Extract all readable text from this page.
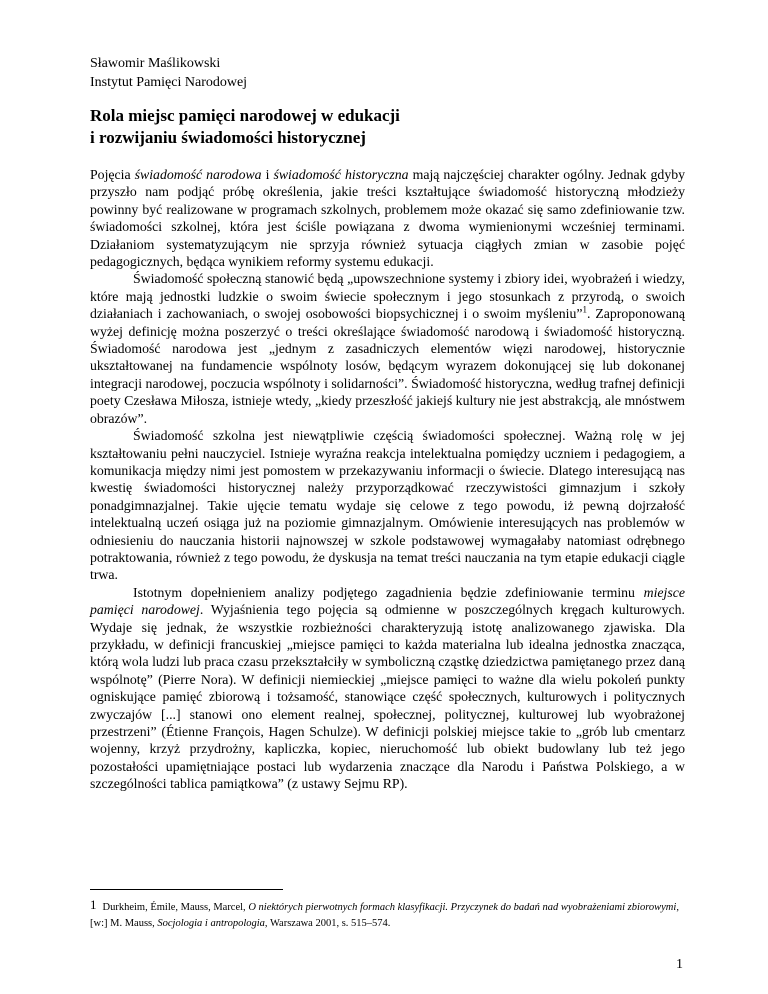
Sławomir Maślikowski
Instytut Pamięci Narodowej
Rola miejsc pamięci narodowej w edukacji
i rozwijaniu świadomości historycznej

Pojęcia świadomość narodowa i świadomość historyczna mają najczęściej charakter ogólny. Jednak gdyby przyszło nam podjąć próbę określenia, jakie treści kształtujące świadomość historyczną młodzieży powinny być realizowane w programach szkolnych, problemem może okazać się samo zdefiniowanie tzw. świadomości szkolnej, która jest ściśle powiązana z dwoma wymienionymi wcześniej terminami. Działaniom systematyzującym nie sprzyja również sytuacja ciągłych zmian w zasobie pojęć pedagogicznych, będąca wynikiem reformy systemu edukacji.

Świadomość społeczną stanowić będą „upowszechnione systemy i zbiory idei, wyobrażeń i wiedzy, które mają jednostki ludzkie o swoim świecie społecznym i jego stosunkach z przyrodą, o swoich działaniach i zachowaniach, o swojej osobowości biopsychicznej i o swoim myśleniu”$^1$. Zaproponowaną wyżej definicję można poszerzyć o treści określające świadomość narodową i świadomość historyczną. Świadomość narodowa jest „jednym z zasadniczych elementów więzi narodowej, historycznie ukształtowanej na fundamencie wspólnoty losów, będącym wyrazem dokonującej się lub dokonanej integracji narodowej, poczucia wspólnoty i solidarności”. Świadomość historyczna, według trafnej definicji poety Czesława Miłosza, istnieje wtedy, „kiedy przeszłość jakiejś kultury nie jest abstrakcją, ale mnóstwem obrazów”.

Świadomość szkolna jest niewątpliwie częścią świadomości społecznej. Ważną rolę w jej kształtowaniu pełni nauczyciel. Istnieje wyraźna reakcja intelektualna pomiędzy uczniem i pedagogiem, a komunikacja między nimi jest pomostem w przekazywaniu informacji o świecie. Dlatego interesującą nas kwestię świadomości historycznej należy przyporządkować rzeczywistości gimnazjum i szkoły ponadgimnazjalnej. Takie ujęcie tematu wydaje się celowe z tego powodu, iż pewną dojrzałość intelektualną uczeń osiąga już na poziomie gimnazjalnym. Omówienie interesujących nas problemów w odniesieniu do nauczania historii najnowszej w szkole podstawowej wymagałaby natomiast odrębnego potraktowania, również z tego powodu, że dyskusja na temat treści nauczania na tym etapie edukacji ciągle trwa.

Istotnym dopełnieniem analizy podjętego zagadnienia będzie zdefiniowanie terminu miejsce pamięci narodowej. Wyjaśnienia tego pojęcia są odmienne w poszczególnych kręgach kulturowych. Wydaje się jednak, że wszystkie rozbieżności charakteryzują istotę analizowanego zjawiska. Dla przykładu, w definicji francuskiej „miejsce pamięci to każda materialna lub idealna jednostka znacząca, którą wola ludzi lub praca czasu przekształciły w symboliczną cząstkę dziedzictwa pamiętanego przez daną wspólnotę” (Pierre Nora). W definicji niemieckiej „miejsce pamięci to ważne dla wielu pokoleń punkty ogniskujące pamięć zbiorową i tożsamość, stanowiące część społecznych, kulturowych i politycznych zwyczajów [...] stanowi ono element realnej, społecznej, politycznej, kulturowej lub wyobrażonej przestrzeni” (Étienne François, Hagen Schulze). W definicji polskiej miejsce takie to „grób lub cmentarz wojenny, krzyż przydrożny, kapliczka, kopiec, nieruchomość lub obiekt budowlany lub też jego pozostałości upamiętniające postaci lub wydarzenia znaczące dla Narodu i Państwa Polskiego, a w szczególności tablica pamiątkowa” (z ustawy Sejmu RP).

1 Durkheim, Émile, Mauss, Marcel, O niektórych pierwotnych formach klasyfikacji. Przyczynek do badań nad wyobrażeniami zbiorowymi, [w:] M. Mauss, Socjologia i antropologia, Warszawa 2001, s. 515–574.
1
